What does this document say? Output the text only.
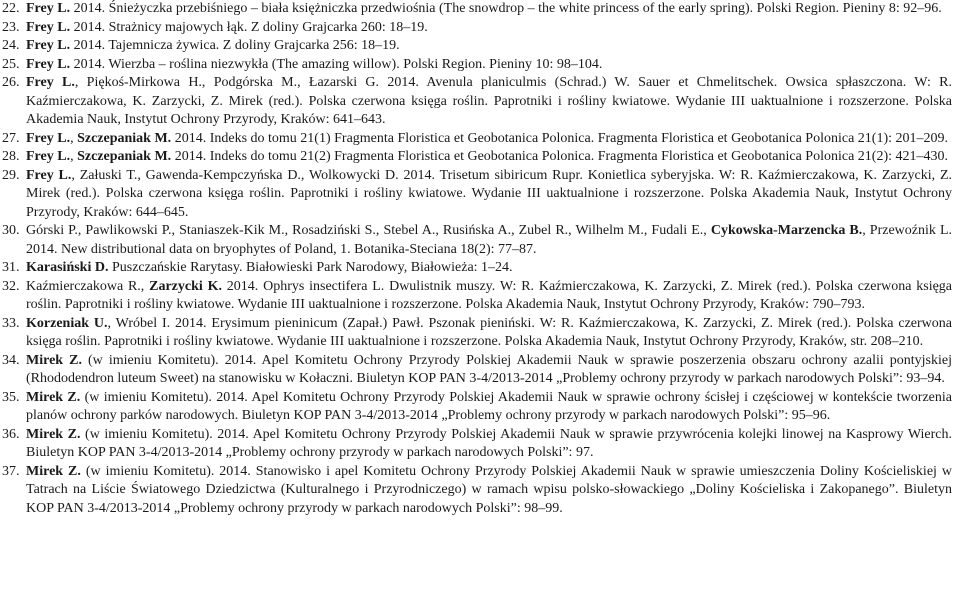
22. Frey L. 2014. Śnieżyczka przebiśniego – biała księżniczka przedwiośnia (The snowdrop – the white princess of the early spring). Polski Region. Pieniny 8: 92–96.
23. Frey L. 2014. Strażnicy majowych łąk. Z doliny Grajcarka 260: 18–19.
24. Frey L. 2014. Tajemnicza żywica. Z doliny Grajcarka 256: 18–19.
25. Frey L. 2014. Wierzba – roślina niezwykła (The amazing willow). Polski Region. Pieniny 10: 98–104.
26. Frey L., Piękoś-Mirkowa H., Podgórska M., Łazarski G. 2014. Avenula planiculmis (Schrad.) W. Sauer et Chmelitschek. Owsica spłaszczona. W: R. Kaźmierczakowa, K. Zarzycki, Z. Mirek (red.). Polska czerwona księga roślin. Paprotniki i rośliny kwiatowe. Wydanie III uaktualnione i rozszerzone. Polska Akademia Nauk, Instytut Ochrony Przyrody, Kraków: 641–643.
27. Frey L., Szczepaniak M. 2014. Indeks do tomu 21(1) Fragmenta Floristica et Geobotanica Polonica. Fragmenta Floristica et Geobotanica Polonica 21(1): 201–209.
28. Frey L., Szczepaniak M. 2014. Indeks do tomu 21(2) Fragmenta Floristica et Geobotanica Polonica. Fragmenta Floristica et Geobotanica Polonica 21(2): 421–430.
29. Frey L., Załuski T., Gawenda-Kempczyńska D., Wolkowycki D. 2014. Trisetum sibiricum Rupr. Konietlica syberyjska. W: R. Kaźmierczakowa, K. Zarzycki, Z. Mirek (red.). Polska czerwona księga roślin. Paprotniki i rośliny kwiatowe. Wydanie III uaktualnione i rozszerzone. Polska Akademia Nauk, Instytut Ochrony Przyrody, Kraków: 644–645.
30. Górski P., Pawlikowski P., Staniaszek-Kik M., Rosadziński S., Stebel A., Rusińska A., Zubel R., Wilhelm M., Fudali E., Cykowska-Marzencka B., Przewoźnik L. 2014. New distributional data on bryophytes of Poland, 1. Botanika-Steciana 18(2): 77–87.
31. Karasiński D. Puszczańskie Rarytasy. Białowieski Park Narodowy, Białowieża: 1–24.
32. Kaźmierczakowa R., Zarzycki K. 2014. Ophrys insectifera L. Dwulistnik muszy. W: R. Kaźmierczakowa, K. Zarzycki, Z. Mirek (red.). Polska czerwona księga roślin. Paprotniki i rośliny kwiatowe. Wydanie III uaktualnione i rozszerzone. Polska Akademia Nauk, Instytut Ochrony Przyrody, Kraków: 790–793.
33. Korzeniak U., Wróbel I. 2014. Erysimum pieninicum (Zapał.) Pawł. Pszonak pieniński. W: R. Kaźmierczakowa, K. Zarzycki, Z. Mirek (red.). Polska czerwona księga roślin. Paprotniki i rośliny kwiatowe. Wydanie III uaktualnione i rozszerzone. Polska Akademia Nauk, Instytut Ochrony Przyrody, Kraków, str. 208–210.
34. Mirek Z. (w imieniu Komitetu). 2014. Apel Komitetu Ochrony Przyrody Polskiej Akademii Nauk w sprawie poszerzenia obszaru ochrony azalii pontyjskiej (Rhododendron luteum Sweet) na stanowisku w Kołaczni. Biuletyn KOP PAN 3-4/2013-2014 „Problemy ochrony przyrody w parkach narodowych Polski”: 93–94.
35. Mirek Z. (w imieniu Komitetu). 2014. Apel Komitetu Ochrony Przyrody Polskiej Akademii Nauk w sprawie ochrony ścisłej i częściowej w kontekście tworzenia planów ochrony parków narodowych. Biuletyn KOP PAN 3-4/2013-2014 „Problemy ochrony przyrody w parkach narodowych Polski”: 95–96.
36. Mirek Z. (w imieniu Komitetu). 2014. Apel Komitetu Ochrony Przyrody Polskiej Akademii Nauk w sprawie przywrócenia kolejki linowej na Kasprowy Wierch. Biuletyn KOP PAN 3-4/2013-2014 „Problemy ochrony przyrody w parkach narodowych Polski”: 97.
37. Mirek Z. (w imieniu Komitetu). 2014. Stanowisko i apel Komitetu Ochrony Przyrody Polskiej Akademii Nauk w sprawie umieszczenia Doliny Kościeliskiej w Tatrach na Liście Światowego Dziedzictwa (Kulturalnego i Przyrodniczego) w ramach wpisu polsko-słowackiego „Doliny Kościeliska i Zakopanego”. Biuletyn KOP PAN 3-4/2013-2014 „Problemy ochrony przyrody w parkach narodowych Polski”: 98–99.
